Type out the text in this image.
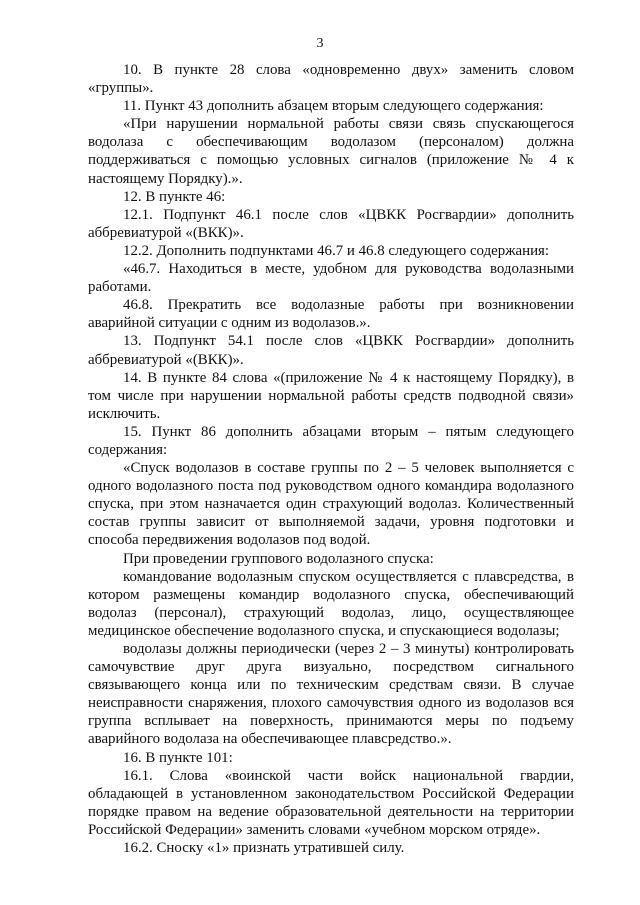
3

10. В пункте 28 слова «одновременно двух» заменить словом «группы».

11. Пункт 43 дополнить абзацем вторым следующего содержания:

«При нарушении нормальной работы связи связь спускающегося водолаза с обеспечивающим водолазом (персоналом) должна поддерживаться с помощью условных сигналов (приложение № 4 к настоящему Порядку).».

12. В пункте 46:

12.1. Подпункт 46.1 после слов «ЦВКК Росгвардии» дополнить аббревиатурой «(ВКК)».

12.2. Дополнить подпунктами 46.7 и 46.8 следующего содержания:

«46.7. Находиться в месте, удобном для руководства водолазными работами.

46.8. Прекратить все водолазные работы при возникновении аварийной ситуации с одним из водолазов.».

13. Подпункт 54.1 после слов «ЦВКК Росгвардии» дополнить аббревиатурой «(ВКК)».

14. В пункте 84 слова «(приложение № 4 к настоящему Порядку), в том числе при нарушении нормальной работы средств подводной связи» исключить.

15. Пункт 86 дополнить абзацами вторым – пятым следующего содержания:

«Спуск водолазов в составе группы по 2 – 5 человек выполняется с одного водолазного поста под руководством одного командира водолазного спуска, при этом назначается один страхующий водолаз. Количественный состав группы зависит от выполняемой задачи, уровня подготовки и способа передвижения водолазов под водой.

При проведении группового водолазного спуска:

командование водолазным спуском осуществляется с плавсредства, в котором размещены командир водолазного спуска, обеспечивающий водолаз (персонал), страхующий водолаз, лицо, осуществляющее медицинское обеспечение водолазного спуска, и спускающиеся водолазы;

водолазы должны периодически (через 2 – 3 минуты) контролировать самочувствие друг друга визуально, посредством сигнального связывающего конца или по техническим средствам связи. В случае неисправности снаряжения, плохого самочувствия одного из водолазов вся группа всплывает на поверхность, принимаются меры по подъему аварийного водолаза на обеспечивающее плавсредство.».

16. В пункте 101:

16.1. Слова «воинской части войск национальной гвардии, обладающей в установленном законодательством Российской Федерации порядке правом на ведение образовательной деятельности на территории Российской Федерации» заменить словами «учебном морском отряде».

16.2. Сноску «1» признать утратившей силу.
